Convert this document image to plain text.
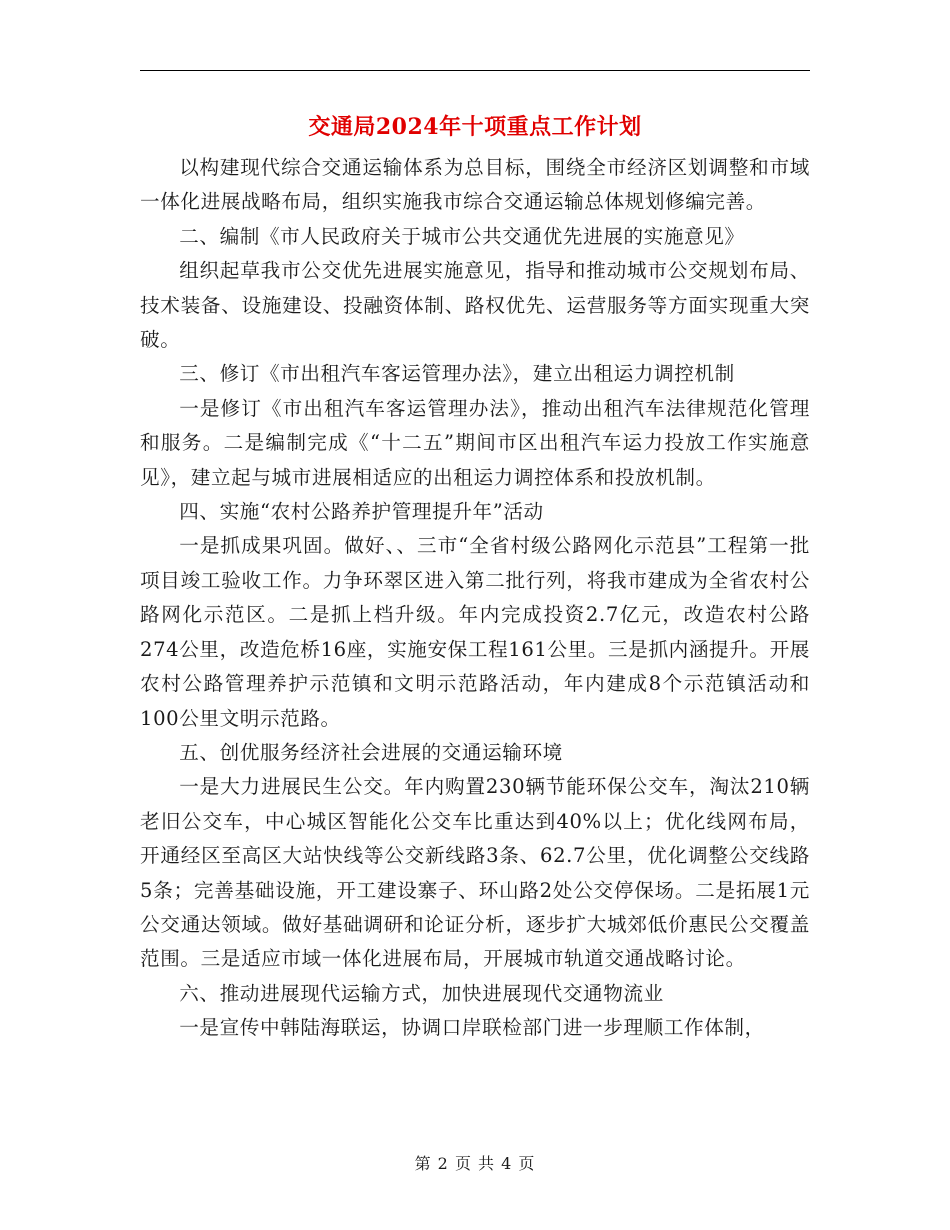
交通局2024年十项重点工作计划

以构建现代综合交通运输体系为总目标，围绕全市经济区划调整和市域一体化进展战略布局，组织实施我市综合交通运输总体规划修编完善。

二、编制《市人民政府关于城市公共交通优先进展的实施意见》

组织起草我市公交优先进展实施意见，指导和推动城市公交规划布局、技术装备、设施建设、投融资体制、路权优先、运营服务等方面实现重大突破。

三、修订《市出租汽车客运管理办法》，建立出租运力调控机制

一是修订《市出租汽车客运管理办法》，推动出租汽车法律规范化管理和服务。二是编制完成《“十二五”期间市区出租汽车运力投放工作实施意见》，建立起与城市进展相适应的出租运力调控体系和投放机制。

四、实施“农村公路养护管理提升年”活动

一是抓成果巩固。做好、、三市“全省村级公路网化示范县”工程第一批项目竣工验收工作。力争环翠区进入第二批行列，将我市建成为全省农村公路网化示范区。二是抓上档升级。年内完成投资2.7亿元，改造农村公路274公里，改造危桥16座，实施安保工程161公里。三是抓内涵提升。开展农村公路管理养护示范镇和文明示范路活动，年内建成8个示范镇活动和100公里文明示范路。

五、创优服务经济社会进展的交通运输环境

一是大力进展民生公交。年内购置230辆节能环保公交车，淘汰210辆老旧公交车，中心城区智能化公交车比重达到40%以上；优化线网布局，开通经区至高区大站快线等公交新线路3条、62.7公里，优化调整公交线路5条；完善基础设施，开工建设寨子、环山路2处公交停保场。二是拓展1元公交通达领域。做好基础调研和论证分析，逐步扩大城郊低价惠民公交覆盖范围。三是适应市域一体化进展布局，开展城市轨道交通战略讨论。

六、推动进展现代运输方式，加快进展现代交通物流业

一是宣传中韩陆海联运，协调口岸联检部门进一步理顺工作体制，

第 2 页 共 4 页
